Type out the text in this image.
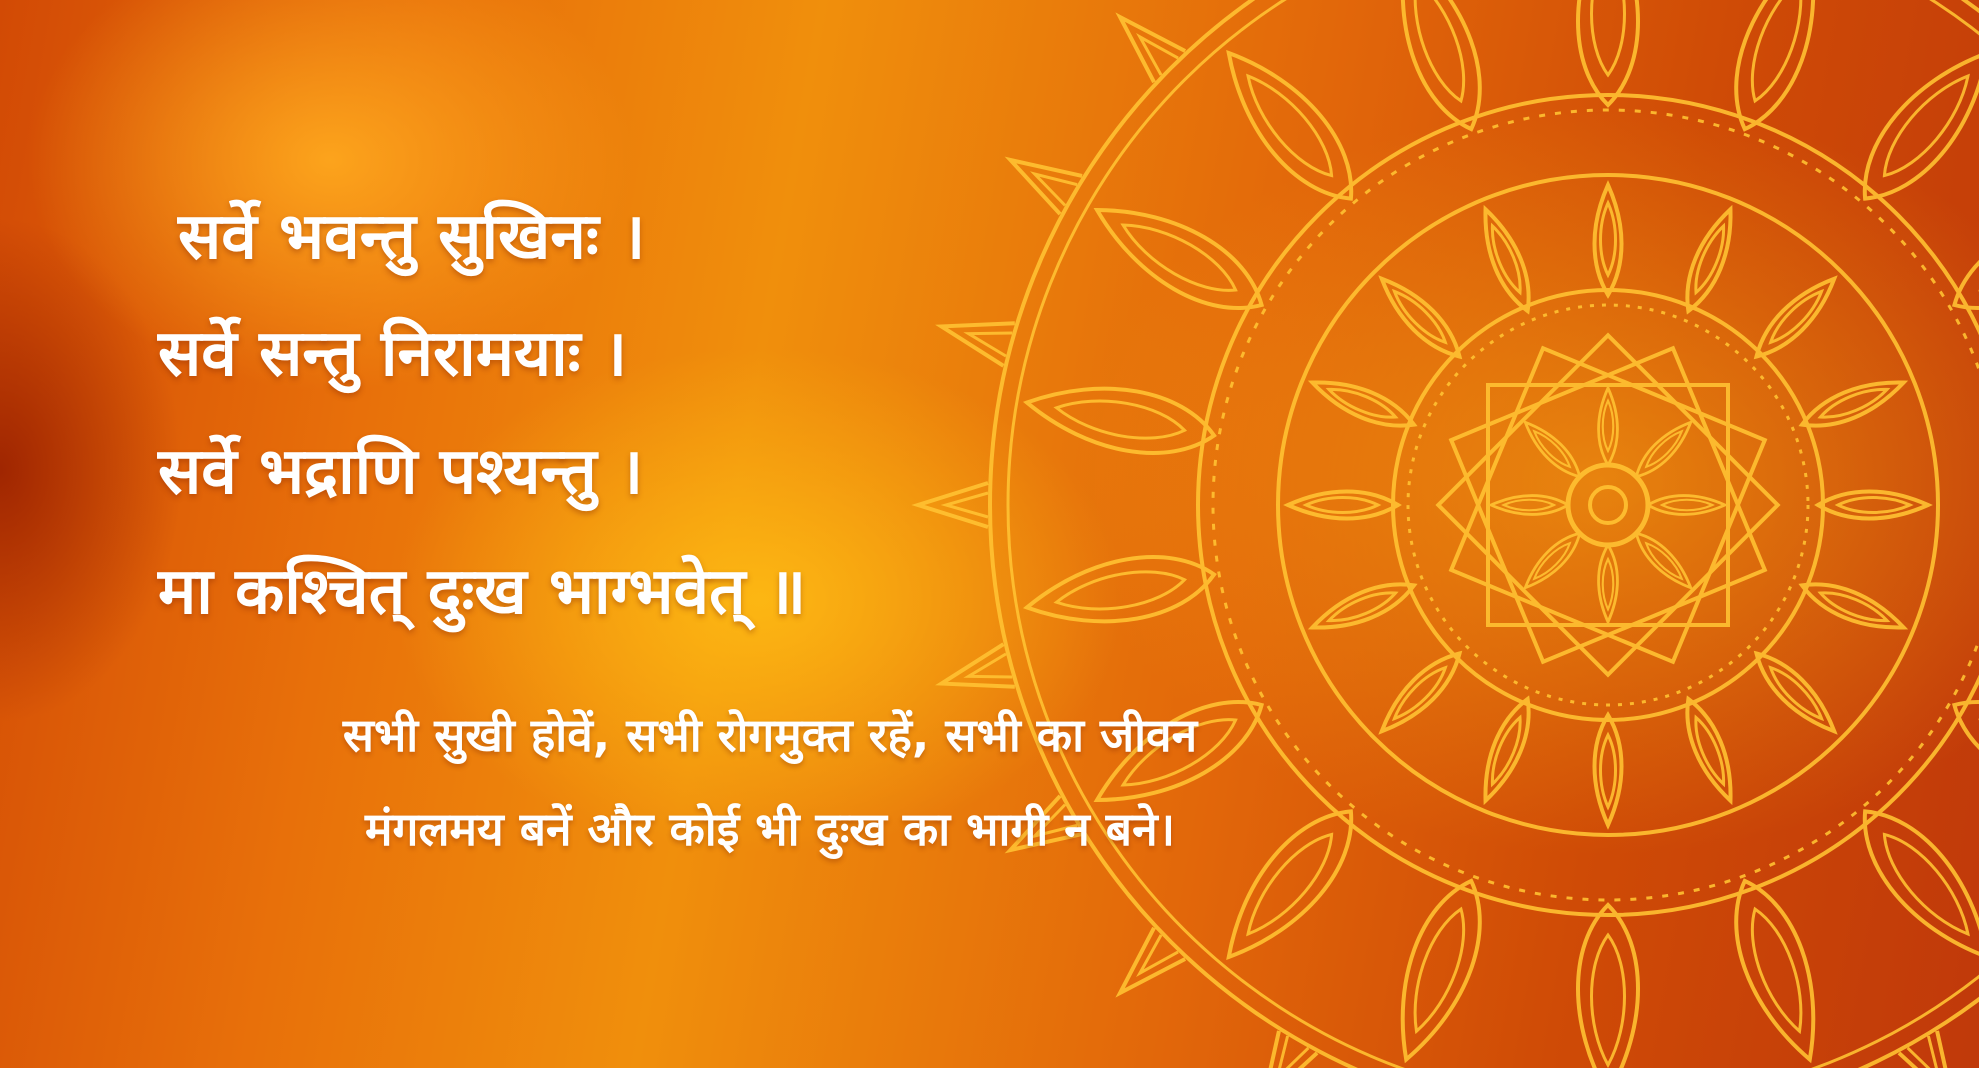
सर्वे भवन्तु सुखिनः ।
सर्वे सन्तु निरामयाः ।
सर्वे भद्राणि पश्यन्तु ।
मा कश्चित् दुःख भाग्भवेत् ॥
सभी सुखी होवें, सभी रोगमुक्त रहें, सभी का जीवन
मंगलमय बनें और कोई भी दुःख का भागी न बने।
